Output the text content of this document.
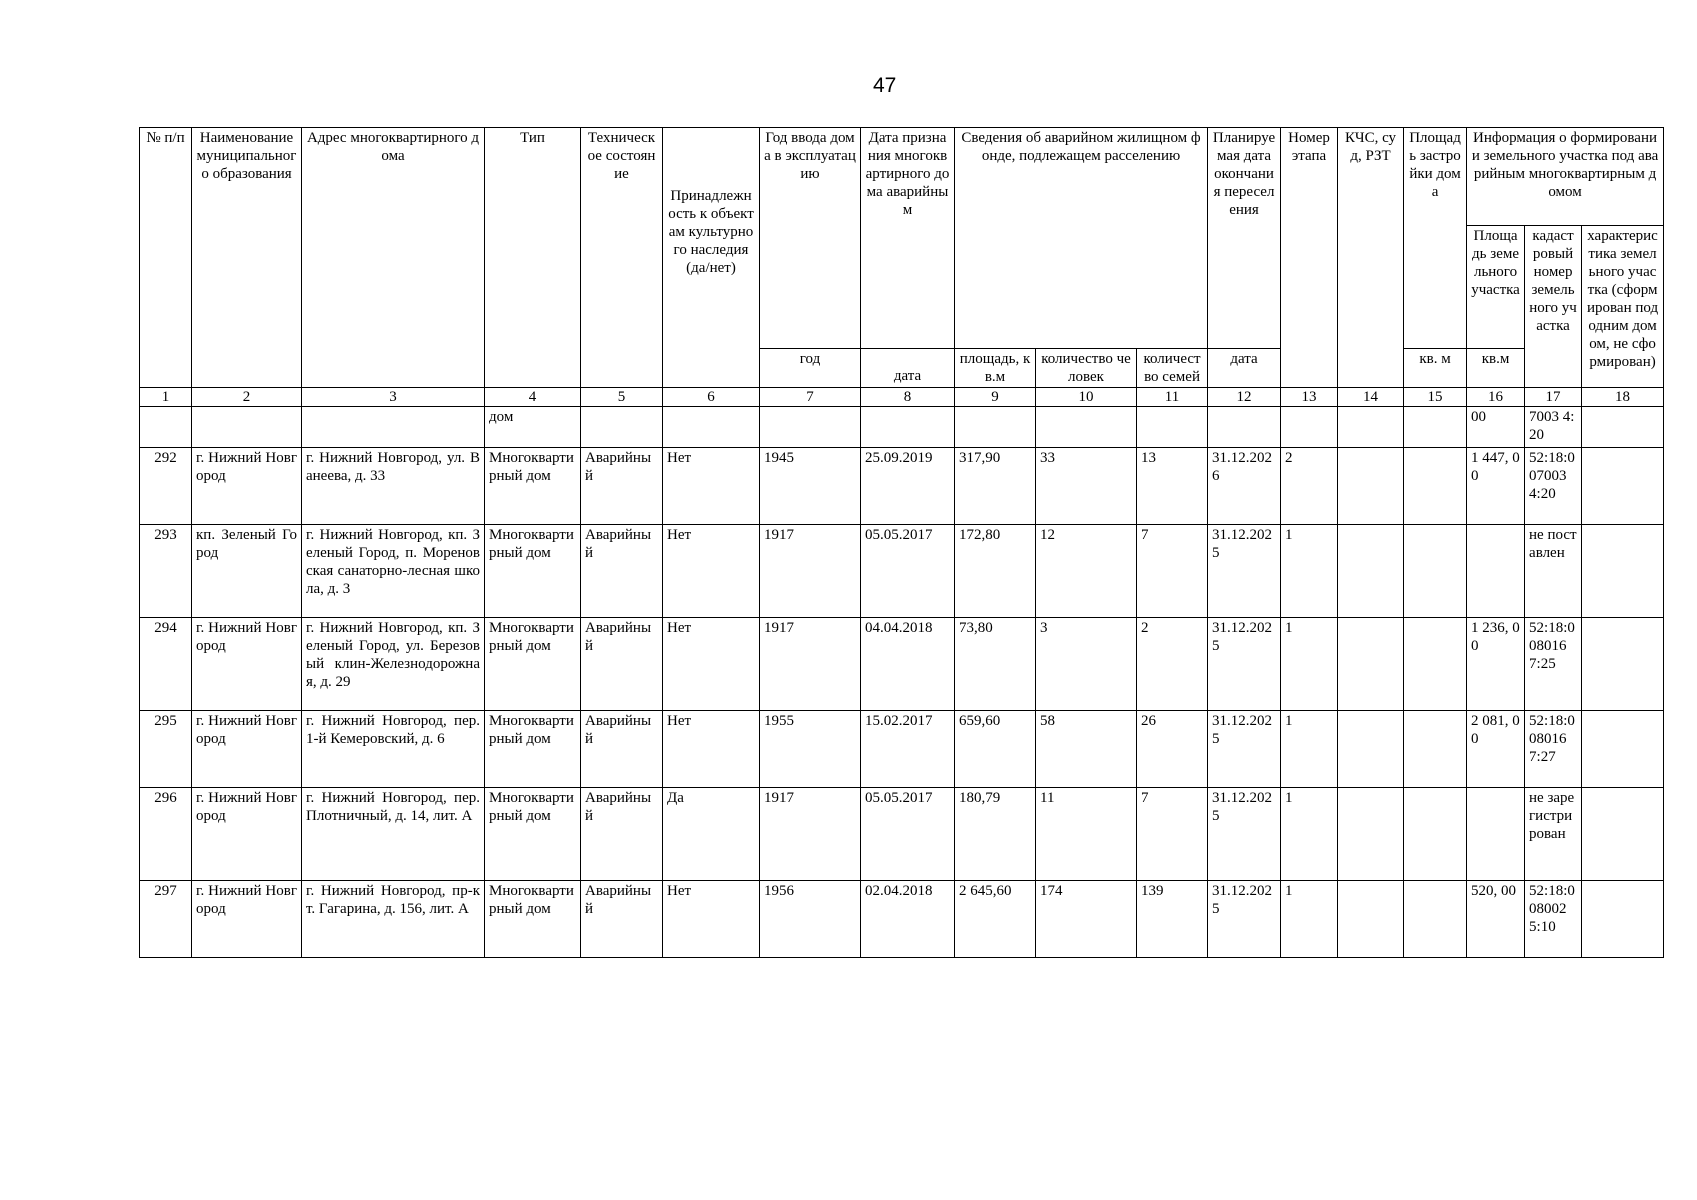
47
№ п/п	Наименование муниципального образования	Адрес многоквартирного дома	Тип	Техническое состояние	Принадлежность к объектам культурного наследия (да/нет)	Год ввода дома в эксплуатацию	Дата признания многоквартирного дома аварийным	Сведения об аварийном жилищном фонде, подлежащем расселению			Планируемая дата окончания переселения	Номер этапа	КЧС, суд, РЗТ	Площадь застройки дома	Информация о формировании земельного участка под аварийным многоквартирным домом		
															Площадь земельного участка	кадастровый номер земельного участка	характеристика земельного участка (сформирован под одним домом, не сформирован)
						год	дата	площадь, кв.м	количество человек	количество семей	дата			кв. м	кв.м		
1	2	3	4	5	6	7	8	9	10	11	12	13	14	15	16	17	18
			дом												00	7003 4:20	
292	г. Нижний Новгород	г. Нижний Новгород, ул. Ванеева, д. 33	Многоквартирный дом	Аварийный	Нет	1945	25.09.2019	317,90	33	13	31.12.2026	2			1 447, 00	52:18:007003 4:20	
293	кп. Зеленый Город	г. Нижний Новгород, кп. Зеленый Город, п. Мореновская санаторно-лесная школа, д. 3	Многоквартирный дом	Аварийный	Нет	1917	05.05.2017	172,80	12	7	31.12.2025	1				не поставлен	
294	г. Нижний Новгород	г. Нижний Новгород, кп. Зеленый Город, ул. Березовый клин-Железнодорожная, д. 29	Многоквартирный дом	Аварийный	Нет	1917	04.04.2018	73,80	3	2	31.12.2025	1			1 236, 00	52:18:008016 7:25	
295	г. Нижний Новгород	г. Нижний Новгород, пер. 1-й Кемеровский, д. 6	Многоквартирный дом	Аварийный	Нет	1955	15.02.2017	659,60	58	26	31.12.2025	1			2 081, 00	52:18:008016 7:27	
296	г. Нижний Новгород	г. Нижний Новгород, пер. Плотничный, д. 14, лит. А	Многоквартирный дом	Аварийный	Да	1917	05.05.2017	180,79	11	7	31.12.2025	1				не зарегистрирован	
297	г. Нижний Новгород	г. Нижний Новгород, пр-кт. Гагарина, д. 156, лит. А	Многоквартирный дом	Аварийный	Нет	1956	02.04.2018	2 645,60	174	139	31.12.2025	1			520, 00	52:18:008002 5:10	
